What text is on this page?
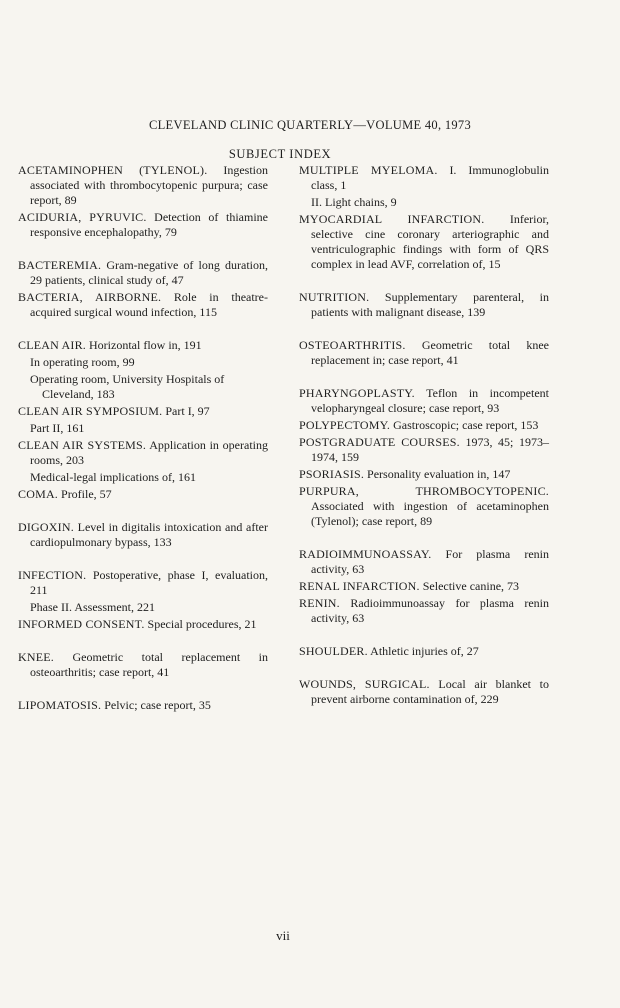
CLEVELAND CLINIC QUARTERLY—VOLUME 40, 1973
SUBJECT INDEX
ACETAMINOPHEN (TYLENOL). Ingestion associated with thrombocytopenic purpura; case report, 89
ACIDURIA, PYRUVIC. Detection of thiamine responsive encephalopathy, 79
BACTEREMIA. Gram-negative of long duration, 29 patients, clinical study of, 47
BACTERIA, AIRBORNE. Role in theatre-acquired surgical wound infection, 115
CLEAN AIR. Horizontal flow in, 191
In operating room, 99
Operating room, University Hospitals of Cleveland, 183
CLEAN AIR SYMPOSIUM. Part I, 97
Part II, 161
CLEAN AIR SYSTEMS. Application in operating rooms, 203
Medical-legal implications of, 161
COMA. Profile, 57
DIGOXIN. Level in digitalis intoxication and after cardiopulmonary bypass, 133
INFECTION. Postoperative, phase I, evaluation, 211
Phase II. Assessment, 221
INFORMED CONSENT. Special procedures, 21
KNEE. Geometric total replacement in osteoarthritis; case report, 41
LIPOMATOSIS. Pelvic; case report, 35
MULTIPLE MYELOMA. I. Immunoglobulin class, 1
II. Light chains, 9
MYOCARDIAL INFARCTION. Inferior, selective cine coronary arteriographic and ventriculographic findings with form of QRS complex in lead AVF, correlation of, 15
NUTRITION. Supplementary parenteral, in patients with malignant disease, 139
OSTEOARTHRITIS. Geometric total knee replacement in; case report, 41
PHARYNGOPLASTY. Teflon in incompetent velopharyngeal closure; case report, 93
POLYPECTOMY. Gastroscopic; case report, 153
POSTGRADUATE COURSES. 1973, 45; 1973–1974, 159
PSORIASIS. Personality evaluation in, 147
PURPURA, THROMBOCYTOPENIC. Associated with ingestion of acetaminophen (Tylenol); case report, 89
RADIOIMMUNOASSAY. For plasma renin activity, 63
RENAL INFARCTION. Selective canine, 73
RENIN. Radioimmunoassay for plasma renin activity, 63
SHOULDER. Athletic injuries of, 27
WOUNDS, SURGICAL. Local air blanket to prevent airborne contamination of, 229
vii
